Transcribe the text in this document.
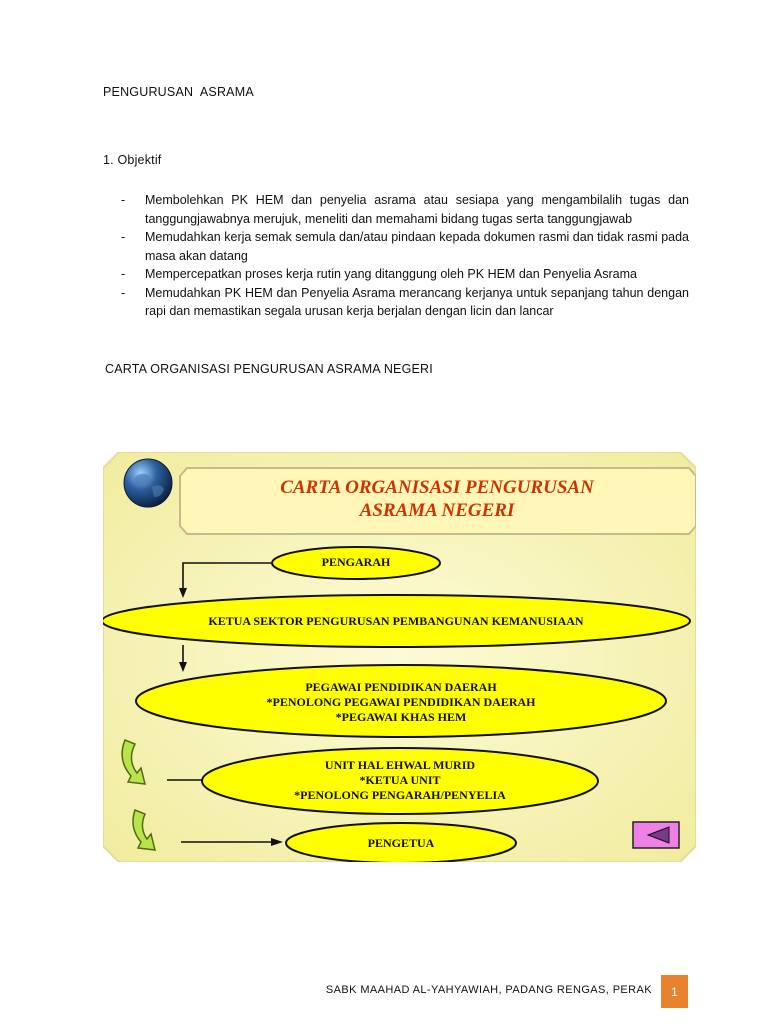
PENGURUSAN  ASRAMA
1. Objektif
- Membolehkan PK HEM dan penyelia asrama atau sesiapa yang mengambilalih tugas dan tanggungjawabnya merujuk, meneliti dan memahami bidang tugas serta tanggungjawab
- Memudahkan kerja semak semula dan/atau pindaan kepada dokumen rasmi dan tidak rasmi pada masa akan datang
- Mempercepatkan proses kerja rutin yang ditanggung oleh PK HEM dan Penyelia Asrama
- Memudahkan PK HEM dan Penyelia Asrama merancang kerjanya untuk sepanjang tahun dengan rapi dan memastikan segala urusan kerja berjalan dengan licin dan lancar
CARTA ORGANISASI PENGURUSAN ASRAMA NEGERI
CARTA ORGANISASI PENGURUSAN
ASRAMA NEGERI
PENGARAH
KETUA SEKTOR PENGURUSAN PEMBANGUNAN KEMANUSIAAN
PEGAWAI PENDIDIKAN DAERAH
*PENOLONG PEGAWAI PENDIDIKAN DAERAH
*PEGAWAI KHAS HEM
UNIT HAL EHWAL MURID
*KETUA UNIT
*PENOLONG PENGARAH/PENYELIA
PENGETUA
SABK MAAHAD AL-YAHYAWIAH, PADANG RENGAS, PERAK	1
